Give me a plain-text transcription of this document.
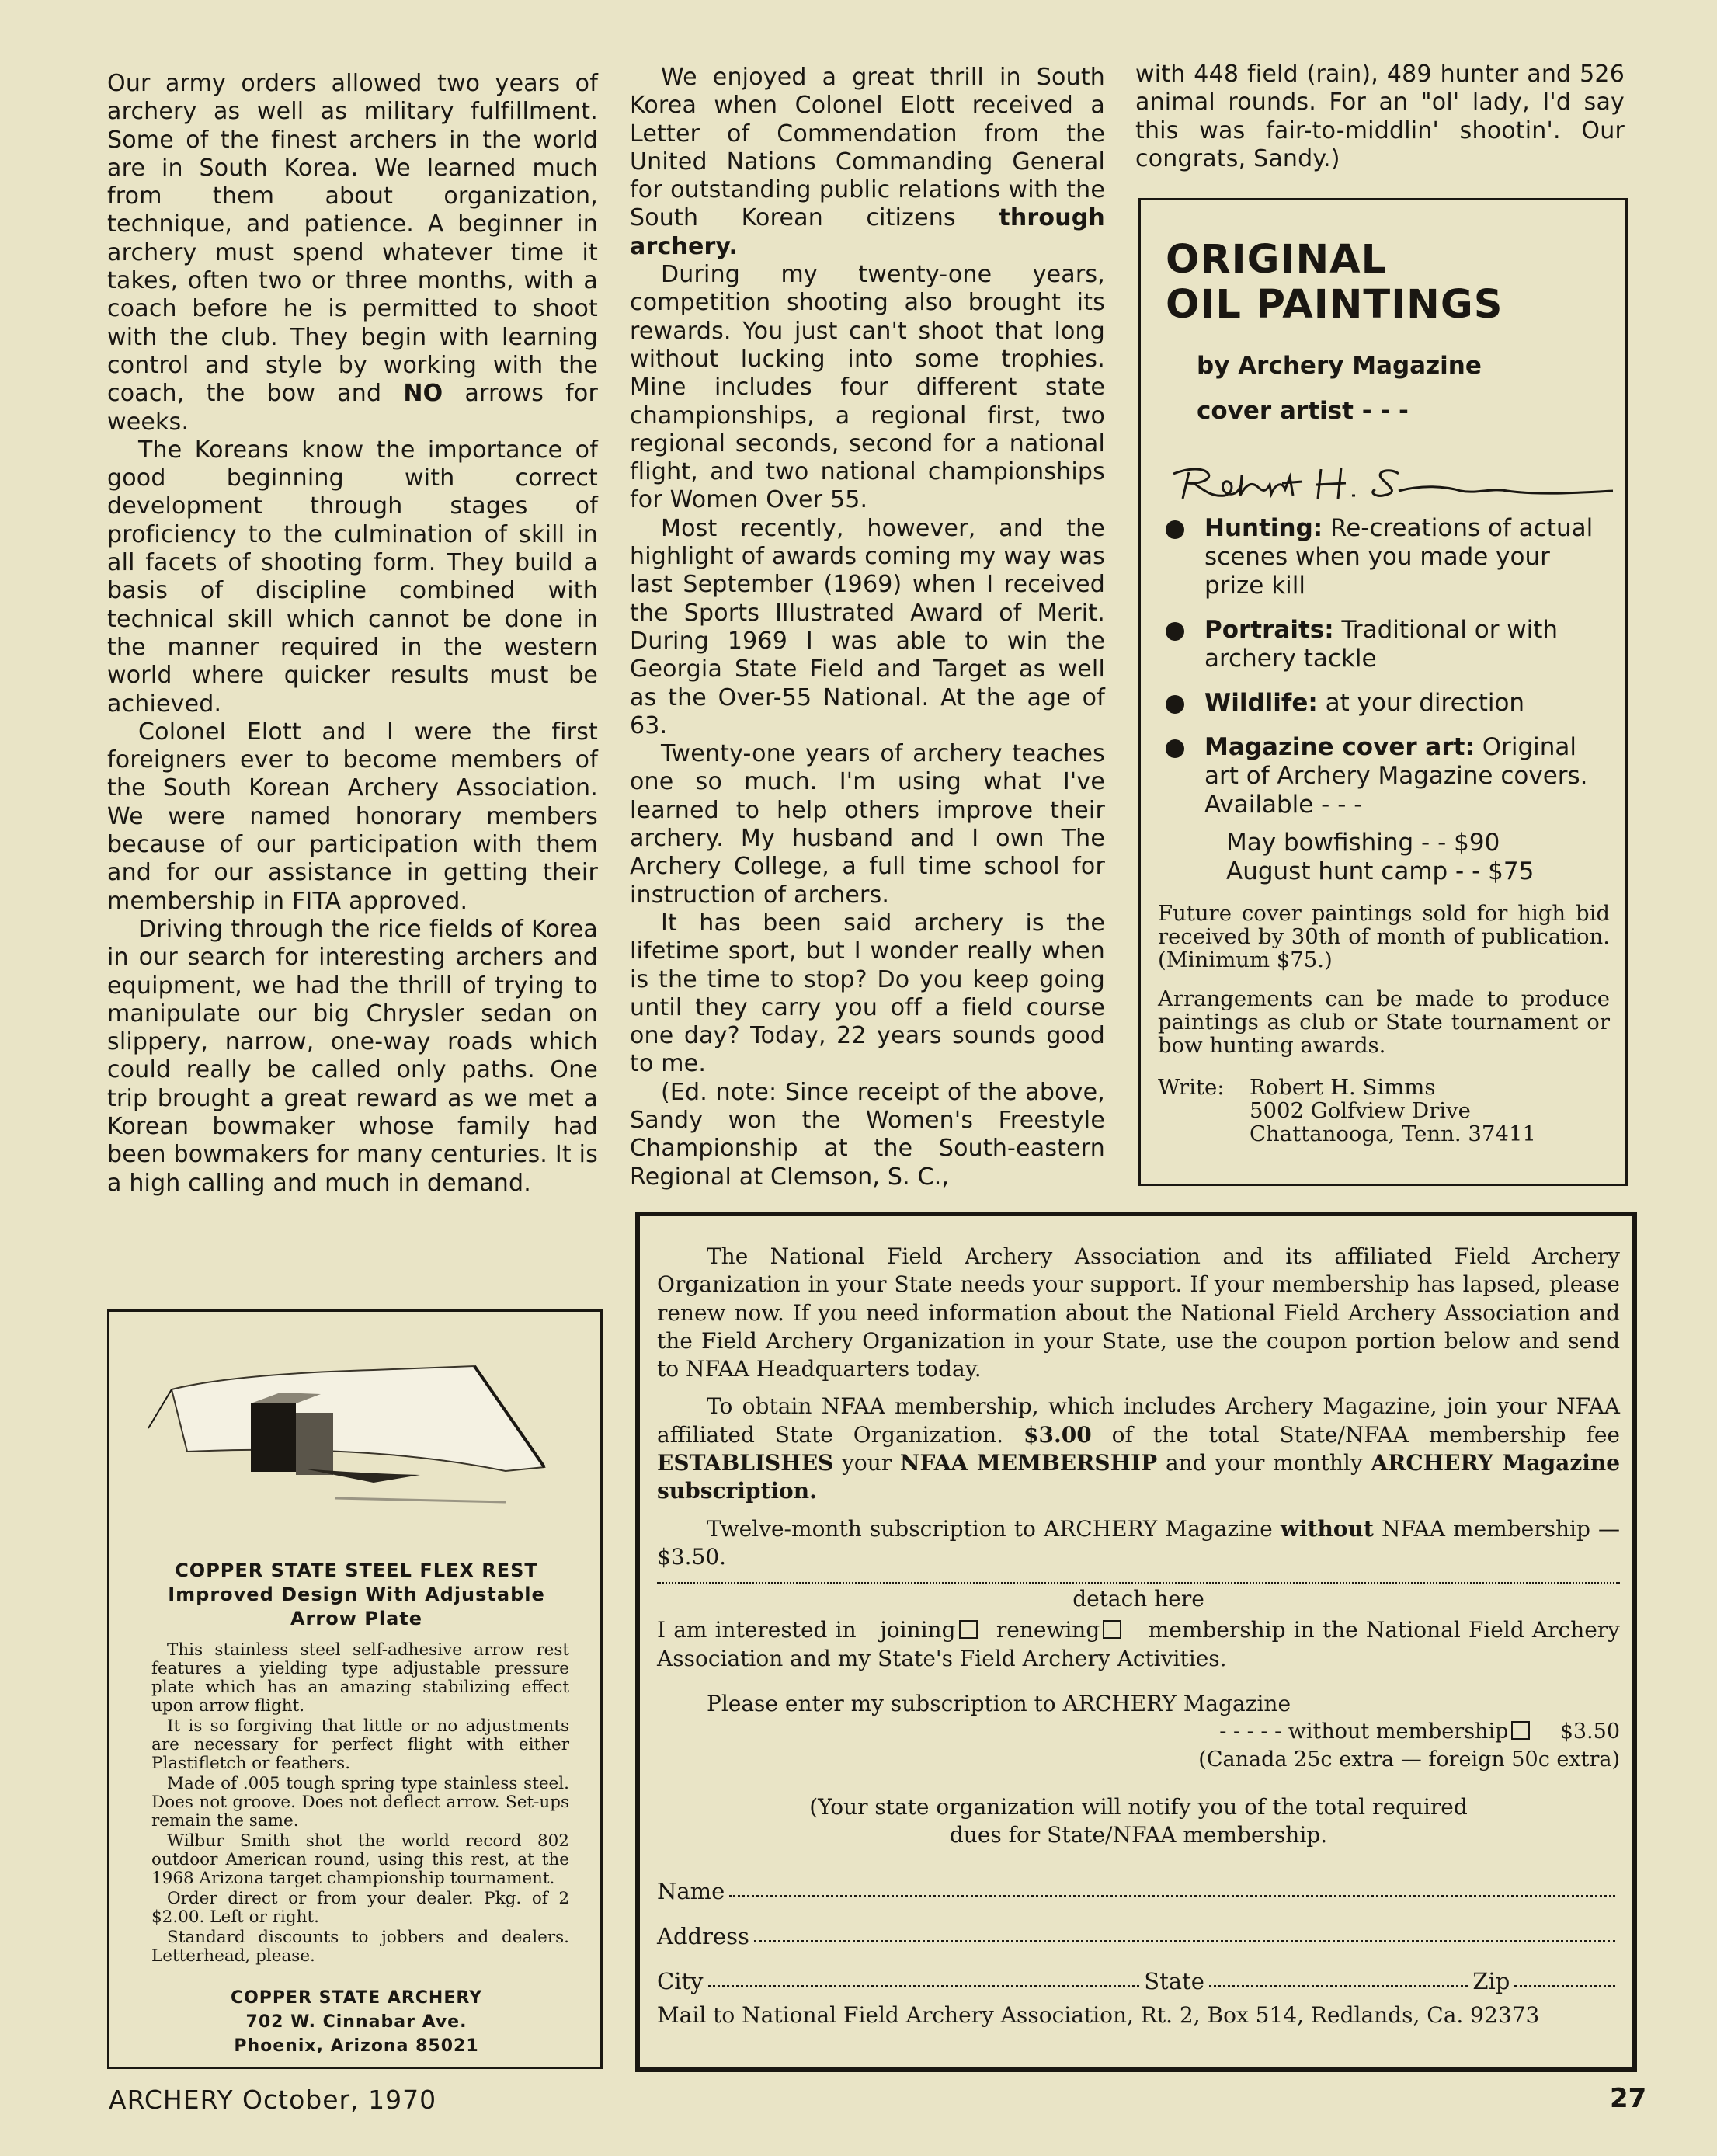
Our army orders allowed two years of archery as well as military fulfillment. Some of the finest archers in the world are in South Korea. We learned much from them about organization, technique, and patience. A beginner in archery must spend whatever time it takes, often two or three months, with a coach before he is permitted to shoot with the club. They begin with learning control and style by working with the coach, the bow and NO arrows for weeks.

The Koreans know the importance of good beginning with correct development through stages of proficiency to the culmination of skill in all facets of shooting form. They build a basis of discipline combined with technical skill which cannot be done in the manner required in the western world where quicker results must be achieved.

Colonel Elott and I were the first foreigners ever to become members of the South Korean Archery Association. We were named honorary members because of our participation with them and for our assistance in getting their membership in FITA approved.

Driving through the rice fields of Korea in our search for interesting archers and equipment, we had the thrill of trying to manipulate our big Chrysler sedan on slippery, narrow, one-way roads which could really be called only paths. One trip brought a great reward as we met a Korean bowmaker whose family had been bowmakers for many centuries. It is a high calling and much in demand.

We enjoyed a great thrill in South Korea when Colonel Elott received a Letter of Commendation from the United Nations Commanding General for outstanding public relations with the South Korean citizens through archery.

During my twenty-one years, competition shooting also brought its rewards. You just can't shoot that long without lucking into some trophies. Mine includes four different state championships, a regional first, two regional seconds, second for a national flight, and two national championships for Women Over 55.

Most recently, however, and the highlight of awards coming my way was last September (1969) when I received the Sports Illustrated Award of Merit. During 1969 I was able to win the Georgia State Field and Target as well as the Over-55 National. At the age of 63.

Twenty-one years of archery teaches one so much. I'm using what I've learned to help others improve their archery. My husband and I own The Archery College, a full time school for instruction of archers.

It has been said archery is the lifetime sport, but I wonder really when is the time to stop? Do you keep going until they carry you off a field course one day? Today, 22 years sounds good to me.

(Ed. note: Since receipt of the above, Sandy won the Women's Freestyle Championship at the South-eastern Regional at Clemson, S. C.,

with 448 field (rain), 489 hunter and 526 animal rounds. For an "ol' lady, I'd say this was fair-to-middlin' shootin'. Our congrats, Sandy.)

ORIGINAL
OIL PAINTINGS
by Archery Magazine
cover artist - - -
Hunting: Re-creations of actual scenes when you made your prize kill
Portraits: Traditional or with archery tackle
Wildlife: at your direction
Magazine cover art: Original art of Archery Magazine covers. Available - - -
May bowfishing - - $90
August hunt camp - - $75
Future cover paintings sold for high bid received by 30th of month of publication. (Minimum $75.)
Arrangements can be made to produce paintings as club or State tournament or bow hunting awards.
Write:	Robert H. Simms
5002 Golfview Drive
Chattanooga, Tenn. 37411
COPPER STATE STEEL FLEX REST
Improved Design With Adjustable
Arrow Plate

This stainless steel self-adhesive arrow rest features a yielding type adjustable pressure plate which has an amazing stabilizing effect upon arrow flight.

It is so forgiving that little or no adjustments are necessary for perfect flight with either Plastifletch or feathers.

Made of .005 tough spring type stainless steel. Does not groove. Does not deflect arrow. Set-ups remain the same.

Wilbur Smith shot the world record 802 outdoor American round, using this rest, at the 1968 Arizona target championship tournament.

Order direct or from your dealer. Pkg. of 2 $2.00. Left or right.

Standard discounts to jobbers and dealers. Letterhead, please.

COPPER STATE ARCHERY
702 W. Cinnabar Ave.
Phoenix, Arizona 85021

The National Field Archery Association and its affiliated Field Archery Organization in your State needs your support. If your membership has lapsed, please renew now. If you need information about the National Field Archery Association and the Field Archery Organization in your State, use the coupon portion below and send to NFAA Headquarters today.

To obtain NFAA membership, which includes Archery Magazine, join your NFAA affiliated State Organization. $3.00 of the total State/NFAA membership fee ESTABLISHES your NFAA MEMBERSHIP and your monthly ARCHERY Magazine subscription.

Twelve-month subscription to ARCHERY Magazine without NFAA membership — $3.50.

detach here
I am interested in joining renewing membership in the National Field Archery Association and my State's Field Archery Activities.
Please enter my subscription to ARCHERY Magazine
- - - - - without membership $3.50
(Canada 25c extra — foreign 50c extra)
(Your state organization will notify you of the total required
dues for State/NFAA membership.
Name
Address
City	State	Zip
Mail to National Field Archery Association, Rt. 2, Box 514, Redlands, Ca. 92373
ARCHERY October, 1970	27
